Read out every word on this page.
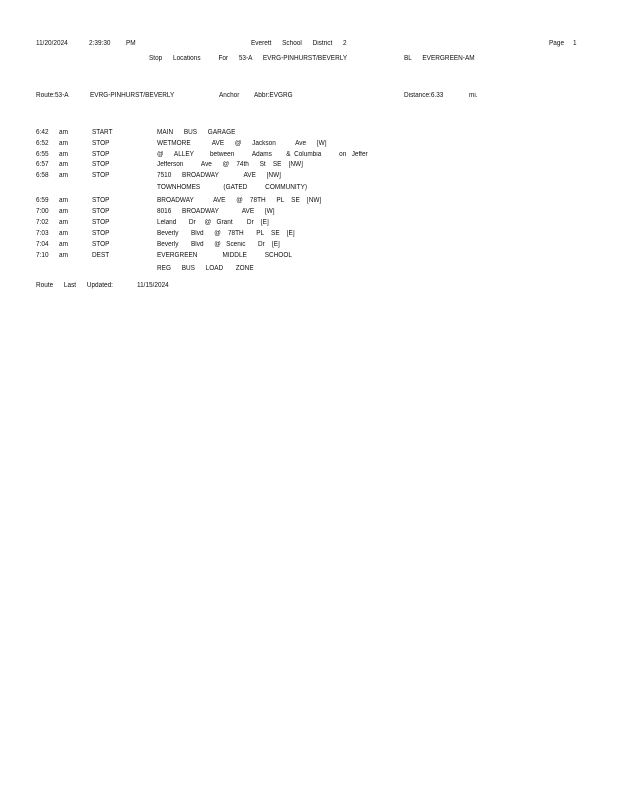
11/20/2024	2:39:30 PM	Everett      School      District      2	Page 1
Stop      Locations          For      53-A      EVRG-PINHURST/BEVERLY	BL      EVERGREEN-AM
Route:53-A	EVRG-PINHURST/BEVERLY	Anchor Abbr:EVGRG	Distance:6.33	mi.
6:42 am	START	MAIN      BUS      GARAGE
6:52 am	STOP	WETMORE            AVE      @      Jackson           Ave      [W]
6:55 am	STOP	@      ALLEY         between          Adams        &  Columbia          on   Jeffer
6:57 am	STOP	Jefferson          Ave      @    74th      St    SE    [NW]
6:58 am	STOP	7510      BROADWAY              AVE      [NW]
TOWNHOMES             (GATED          COMMUNITY)
6:59 am	STOP	BROADWAY           AVE      @    78TH      PL    SE    [NW]
7:00 am	STOP	8016      BROADWAY             AVE      [W]
7:02 am	STOP	Leland       Dr     @   Grant        Dr    [E]
7:03 am	STOP	Beverly       Blvd      @    78TH       PL    SE    [E]
7:04 am	STOP	Beverly       Blvd      @   Scenic       Dr    [E]
7:10 am	DEST	EVERGREEN              MIDDLE          SCHOOL
REG      BUS      LOAD       ZONE
Route      Last      Updated:	11/15/2024
